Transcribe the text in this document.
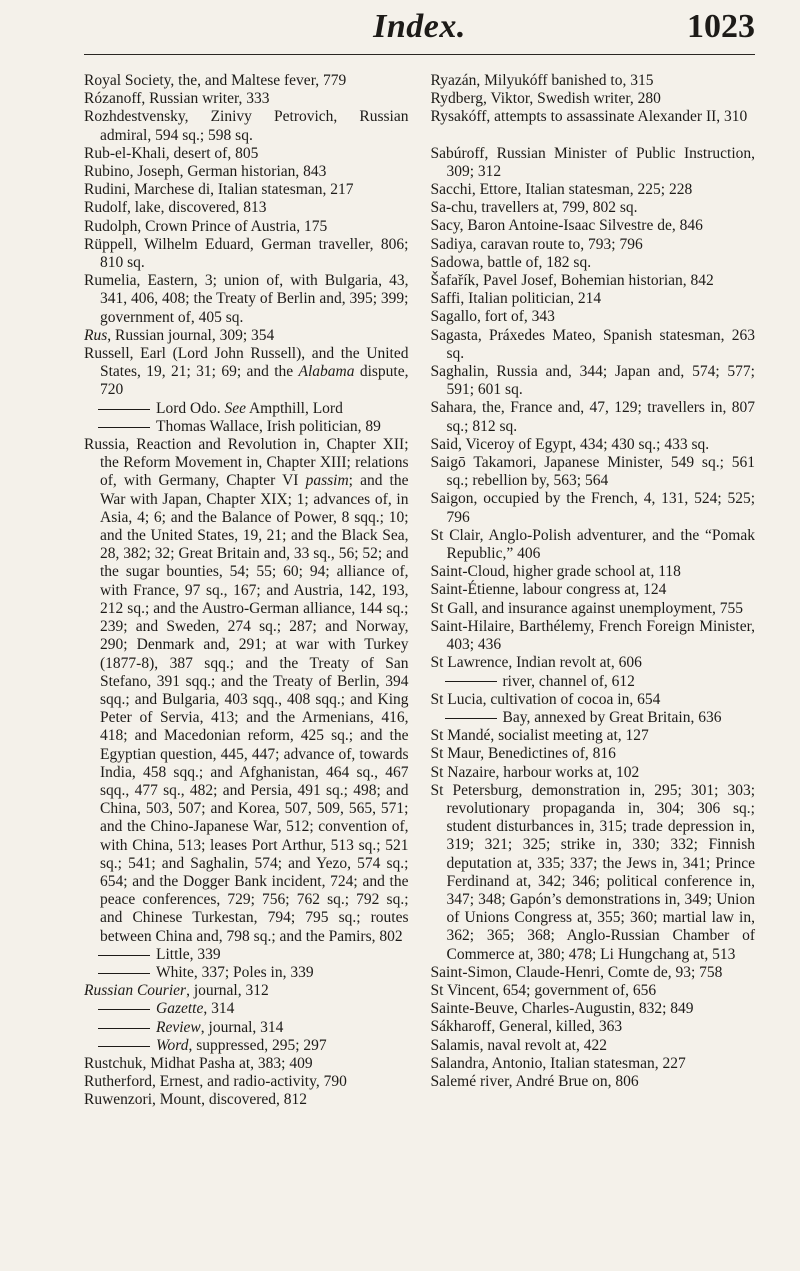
Index.	1023

Royal Society, the, and Maltese fever, 779

Rózanoff, Russian writer, 333

Rozhdestvensky, Zinivy Petrovich, Russian admiral, 594 sq.; 598 sq.

Rub-el-Khali, desert of, 805

Rubino, Joseph, German historian, 843

Rudini, Marchese di, Italian statesman, 217

Rudolf, lake, discovered, 813

Rudolph, Crown Prince of Austria, 175

Rüppell, Wilhelm Eduard, German traveller, 806; 810 sq.

Rumelia, Eastern, 3; union of, with Bulgaria, 43, 341, 406, 408; the Treaty of Berlin and, 395; 399; government of, 405 sq.

Rus, Russian journal, 309; 354

Russell, Earl (Lord John Russell), and the United States, 19, 21; 31; 69; and the Alabama dispute, 720

Lord Odo. See Ampthill, Lord

Thomas Wallace, Irish politician, 89

Russia, Reaction and Revolution in, Chapter XII; the Reform Movement in, Chapter XIII; relations of, with Germany, Chapter VI passim; and the War with Japan, Chapter XIX; 1; advances of, in Asia, 4; 6; and the Balance of Power, 8 sqq.; 10; and the United States, 19, 21; and the Black Sea, 28, 382; 32; Great Britain and, 33 sq., 56; 52; and the sugar bounties, 54; 55; 60; 94; alliance of, with France, 97 sq., 167; and Austria, 142, 193, 212 sq.; and the Austro-German alliance, 144 sq.; 239; and Sweden, 274 sq.; 287; and Norway, 290; Denmark and, 291; at war with Turkey (1877-8), 387 sqq.; and the Treaty of San Stefano, 391 sqq.; and the Treaty of Berlin, 394 sqq.; and Bulgaria, 403 sqq., 408 sqq.; and King Peter of Servia, 413; and the Armenians, 416, 418; and Macedonian reform, 425 sq.; and the Egyptian question, 445, 447; advance of, towards India, 458 sqq.; and Afghanistan, 464 sq., 467 sqq., 477 sq., 482; and Persia, 491 sq.; 498; and China, 503, 507; and Korea, 507, 509, 565, 571; and the Chino-Japanese War, 512; convention of, with China, 513; leases Port Arthur, 513 sq.; 521 sq.; 541; and Saghalin, 574; and Yezo, 574 sq.; 654; and the Dogger Bank incident, 724; and the peace conferences, 729; 756; 762 sq.; 792 sq.; and Chinese Turkestan, 794; 795 sq.; routes between China and, 798 sq.; and the Pamirs, 802

Little, 339

White, 337; Poles in, 339

Russian Courier, journal, 312

Gazette, 314

Review, journal, 314

Word, suppressed, 295; 297

Rustchuk, Midhat Pasha at, 383; 409

Rutherford, Ernest, and radio-activity, 790

Ruwenzori, Mount, discovered, 812

Ryazán, Milyukóff banished to, 315

Rydberg, Viktor, Swedish writer, 280

Rysakóff, attempts to assassinate Alexander II, 310

Sabúroff, Russian Minister of Public Instruction, 309; 312

Sacchi, Ettore, Italian statesman, 225; 228

Sa-chu, travellers at, 799, 802 sq.

Sacy, Baron Antoine-Isaac Silvestre de, 846

Sadiya, caravan route to, 793; 796

Sadowa, battle of, 182 sq.

Šafařík, Pavel Josef, Bohemian historian, 842

Saffi, Italian politician, 214

Sagallo, fort of, 343

Sagasta, Práxedes Mateo, Spanish statesman, 263 sq.

Saghalin, Russia and, 344; Japan and, 574; 577; 591; 601 sq.

Sahara, the, France and, 47, 129; travellers in, 807 sq.; 812 sq.

Said, Viceroy of Egypt, 434; 430 sq.; 433 sq.

Saigō Takamori, Japanese Minister, 549 sq.; 561 sq.; rebellion by, 563; 564

Saigon, occupied by the French, 4, 131, 524; 525; 796

St Clair, Anglo-Polish adventurer, and the “Pomak Republic,” 406

Saint-Cloud, higher grade school at, 118

Saint-Étienne, labour congress at, 124

St Gall, and insurance against unemployment, 755

Saint-Hilaire, Barthélemy, French Foreign Minister, 403; 436

St Lawrence, Indian revolt at, 606

river, channel of, 612

St Lucia, cultivation of cocoa in, 654

Bay, annexed by Great Britain, 636

St Mandé, socialist meeting at, 127

St Maur, Benedictines of, 816

St Nazaire, harbour works at, 102

St Petersburg, demonstration in, 295; 301; 303; revolutionary propaganda in, 304; 306 sq.; student disturbances in, 315; trade depression in, 319; 321; 325; strike in, 330; 332; Finnish deputation at, 335; 337; the Jews in, 341; Prince Ferdinand at, 342; 346; political conference in, 347; 348; Gapón’s demonstrations in, 349; Union of Unions Congress at, 355; 360; martial law in, 362; 365; 368; Anglo-Russian Chamber of Commerce at, 380; 478; Li Hungchang at, 513

Saint-Simon, Claude-Henri, Comte de, 93; 758

St Vincent, 654; government of, 656

Sainte-Beuve, Charles-Augustin, 832; 849

Sákharoff, General, killed, 363

Salamis, naval revolt at, 422

Salandra, Antonio, Italian statesman, 227

Salemé river, André Brue on, 806
